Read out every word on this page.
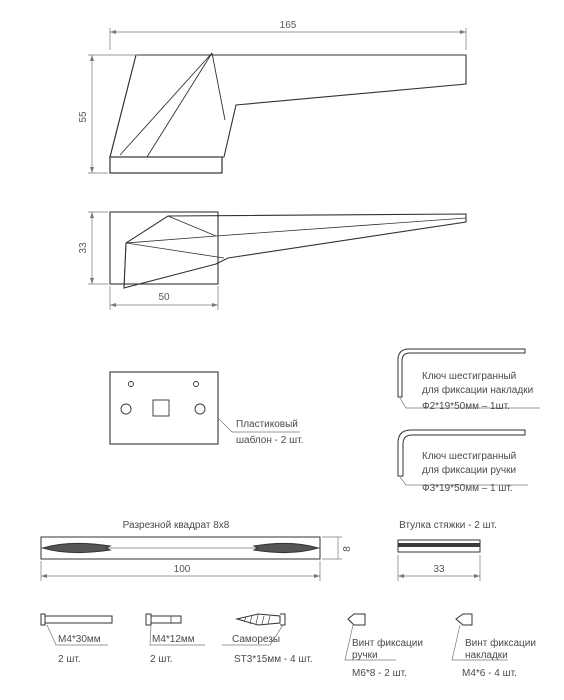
165
55
33
50
Пластиковый
шаблон - 2 шт.
Ключ шестигранный
для фиксации накладки
Ф2*19*50мм – 1шт.
Ключ шестигранный
для фиксации ручки
Ф3*19*50мм – 1 шт.
Разрезной квадрат 8х8
8
100
Втулка стяжки - 2 шт.
33
М4*30мм
2 шт.
М4*12мм
2 шт.
Саморезы
SТ3*15мм - 4 шт.
Винт фиксации
ручки
М6*8 - 2 шт.
Винт фиксации
накладки
М4*6 - 4 шт.
